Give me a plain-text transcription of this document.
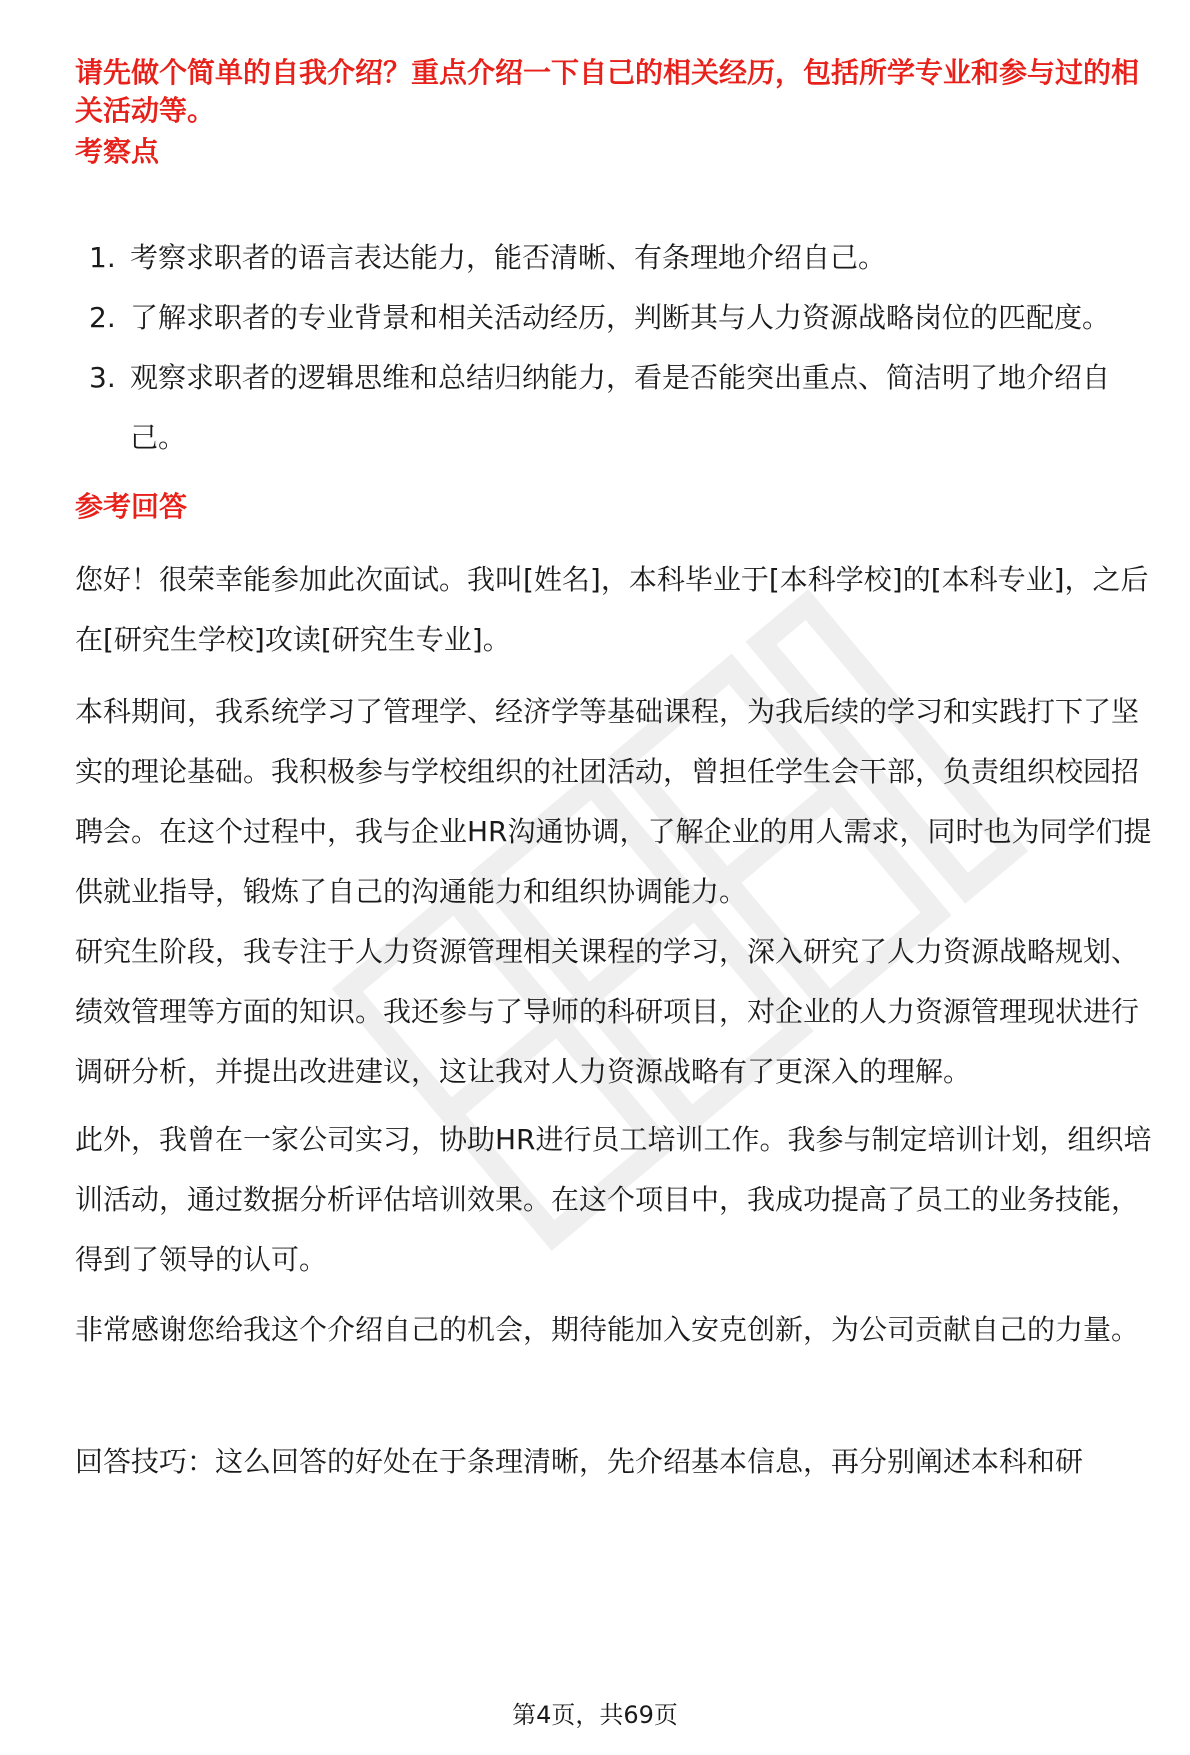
请先做个简单的自我介绍？重点介绍一下自己的相关经历，包括所学专业和参与过的相关活动等。

考察点

1. 考察求职者的语言表达能力，能否清晰、有条理地介绍自己。
2. 了解求职者的专业背景和相关活动经历，判断其与人力资源战略岗位的匹配度。
3. 观察求职者的逻辑思维和总结归纳能力，看是否能突出重点、简洁明了地介绍自己。

参考回答

您好！很荣幸能参加此次面试。我叫[姓名]，本科毕业于[本科学校]的[本科专业]，之后在[研究生学校]攻读[研究生专业]。

本科期间，我系统学习了管理学、经济学等基础课程，为我后续的学习和实践打下了坚实的理论基础。我积极参与学校组织的社团活动，曾担任学生会干部，负责组织校园招聘会。在这个过程中，我与企业HR沟通协调，了解企业的用人需求，同时也为同学们提供就业指导，锻炼了自己的沟通能力和组织协调能力。

研究生阶段，我专注于人力资源管理相关课程的学习，深入研究了人力资源战略规划、绩效管理等方面的知识。我还参与了导师的科研项目，对企业的人力资源管理现状进行调研分析，并提出改进建议，这让我对人力资源战略有了更深入的理解。

此外，我曾在一家公司实习，协助HR进行员工培训工作。我参与制定培训计划，组织培训活动，通过数据分析评估培训效果。在这个项目中，我成功提高了员工的业务技能，得到了领导的认可。

非常感谢您给我这个介绍自己的机会，期待能加入安克创新，为公司贡献自己的力量。

回答技巧：这么回答的好处在于条理清晰，先介绍基本信息，再分别阐述本科和研

第4页，共69页
